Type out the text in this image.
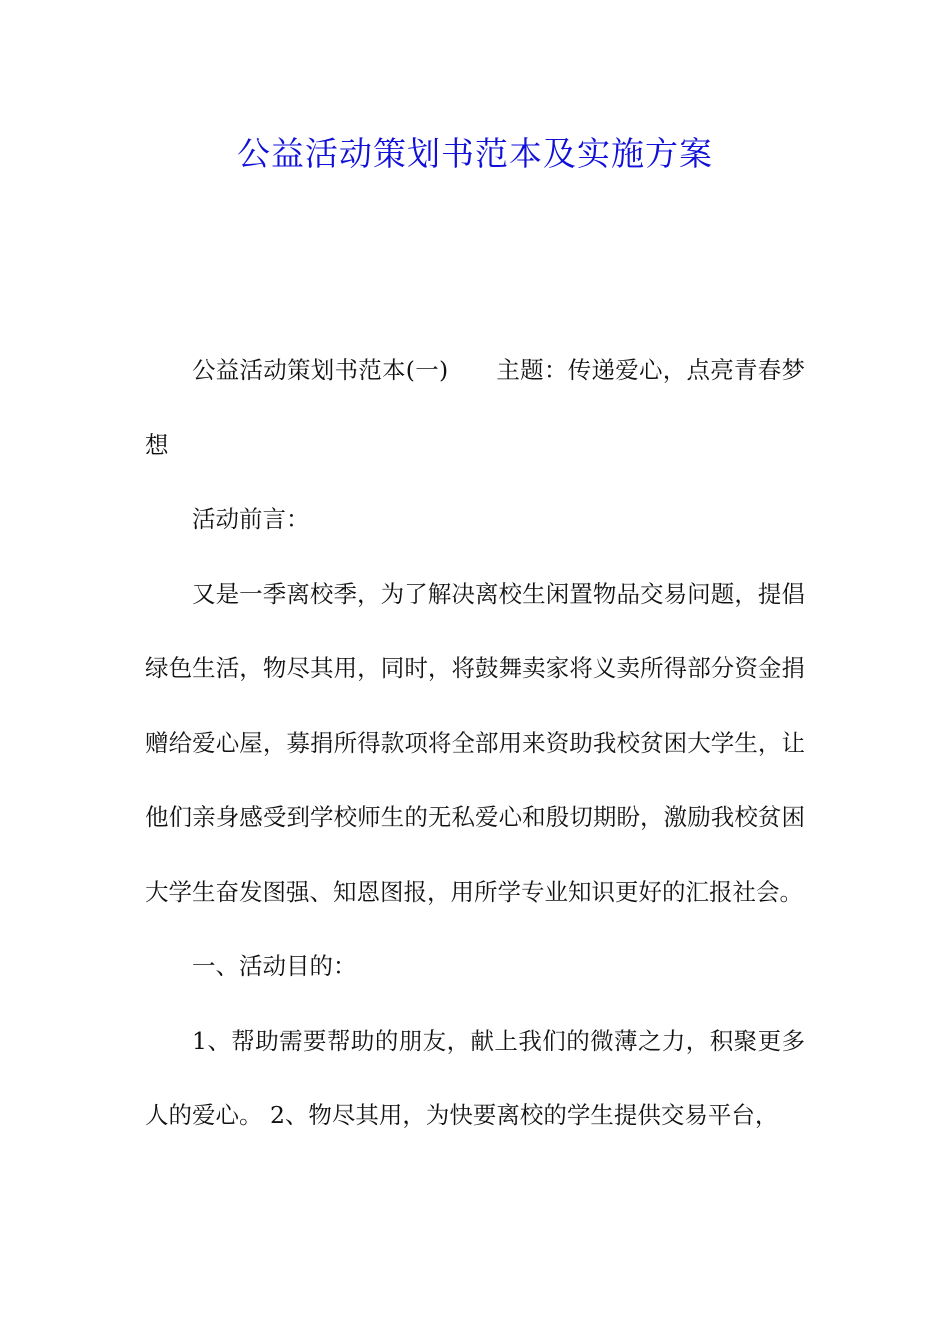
公益活动策划书范本及实施方案

公益活动策划书范本(一) 主题：传递爱心，点亮青春梦想

活动前言：

又是一季离校季，为了解决离校生闲置物品交易问题，提倡绿色生活，物尽其用，同时，将鼓舞卖家将义卖所得部分资金捐赠给爱心屋，募捐所得款项将全部用来资助我校贫困大学生，让他们亲身感受到学校师生的无私爱心和殷切期盼，激励我校贫困大学生奋发图强、知恩图报，用所学专业知识更好的汇报社会。

一、活动目的：

1、帮助需要帮助的朋友，献上我们的微薄之力，积聚更多人的爱心。 2、物尽其用，为快要离校的学生提供交易平台，
